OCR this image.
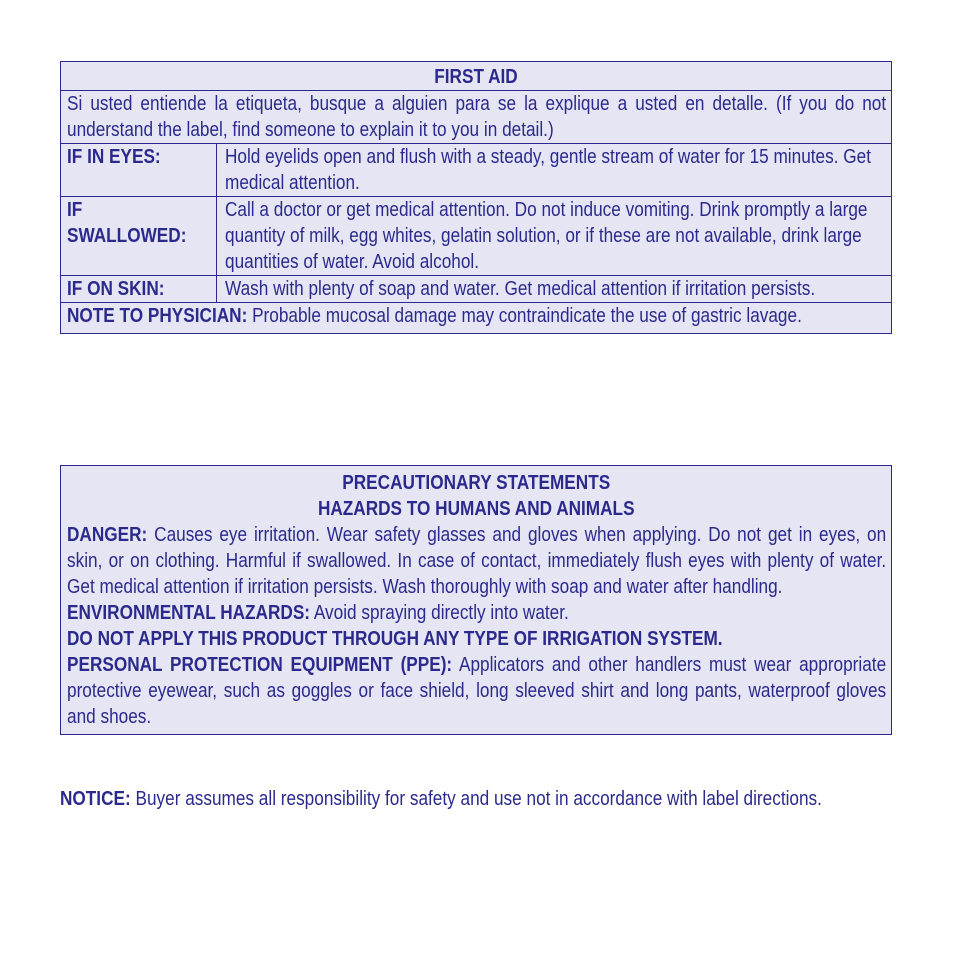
FIRST AID
Si usted entiende la etiqueta, busque a alguien para se la explique a usted en detalle. (If you do not understand the label, find someone to explain it to you in detail.)
IF IN EYES:	Hold eyelids open and flush with a steady, gentle stream of water for 15 minutes. Get medical attention.
IF
SWALLOWED:
Call a doctor or get medical attention. Do not induce vomiting. Drink promptly a large quantity of milk, egg whites, gelatin solution, or if these are not available, drink large quantities of water. Avoid alcohol.
IF ON SKIN:	Wash with plenty of soap and water. Get medical attention if irritation persists.
NOTE TO PHYSICIAN: Probable mucosal damage may contraindicate the use of gastric lavage.
PRECAUTIONARY STATEMENTS
HAZARDS TO HUMANS AND ANIMALS
DANGER: Causes eye irritation. Wear safety glasses and gloves when applying. Do not get in eyes, on skin, or on clothing. Harmful if swallowed. In case of contact, immediately flush eyes with plenty of water. Get medical attention if irritation persists. Wash thoroughly with soap and water after handling.
ENVIRONMENTAL HAZARDS: Avoid spraying directly into water.
DO NOT APPLY THIS PRODUCT THROUGH ANY TYPE OF IRRIGATION SYSTEM.
PERSONAL PROTECTION EQUIPMENT (PPE): Applicators and other handlers must wear appropriate protective eyewear, such as goggles or face shield, long sleeved shirt and long pants, waterproof gloves and shoes.
NOTICE: Buyer assumes all responsibility for safety and use not in accordance with label directions.
